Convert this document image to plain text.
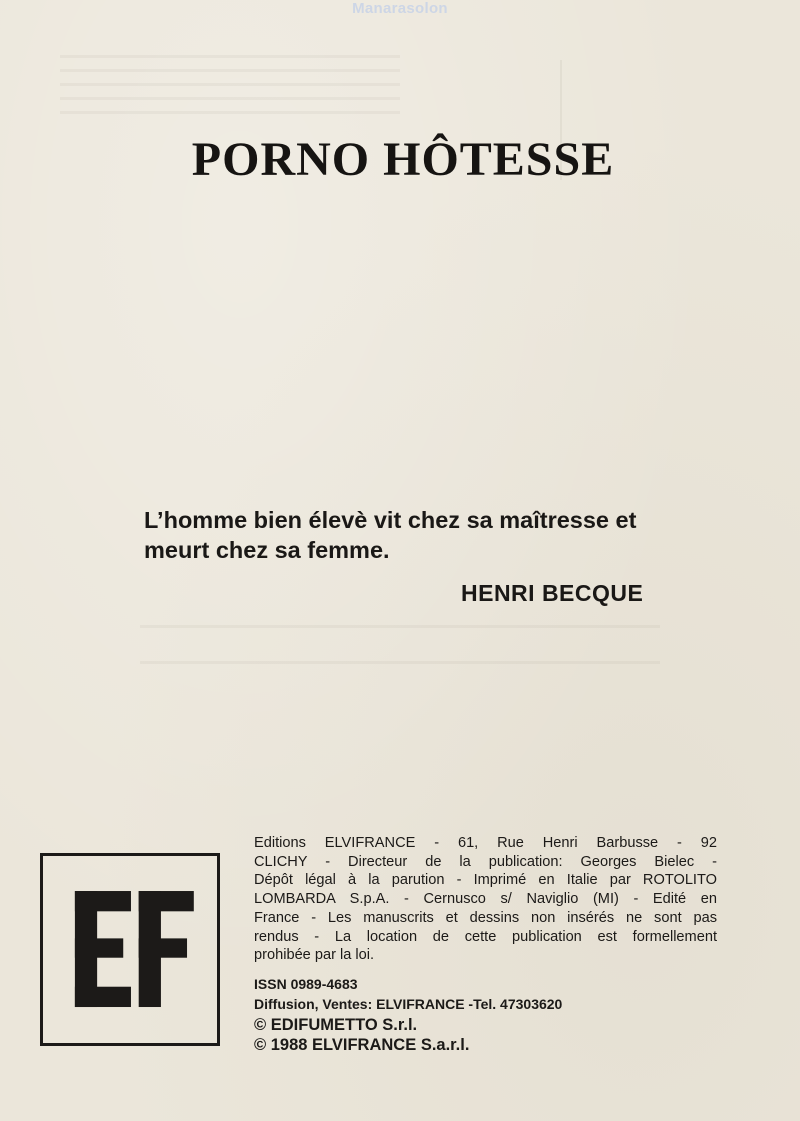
Manarasolon
PORNO HÔTESSE
L’homme bien élevè vit chez sa maîtresse et
meurt chez sa femme.
HENRI BECQUE
Editions ELVIFRANCE - 61, Rue Henri Barbusse - 92
CLICHY - Directeur de la publication: Georges Bielec -
Dépôt légal à la parution - Imprimé en Italie par ROTOLITO
LOMBARDA S.p.A. - Cernusco s/ Naviglio (MI) - Edité en
France - Les manuscrits et dessins non insérés ne sont pas
rendus - La location de cette publication est formellement
prohibée par la loi.
ISSN 0989-4683
Diffusion, Ventes: ELVIFRANCE -Tel. 47303620
© EDIFUMETTO S.r.l.
© 1988 ELVIFRANCE S.a.r.l.
